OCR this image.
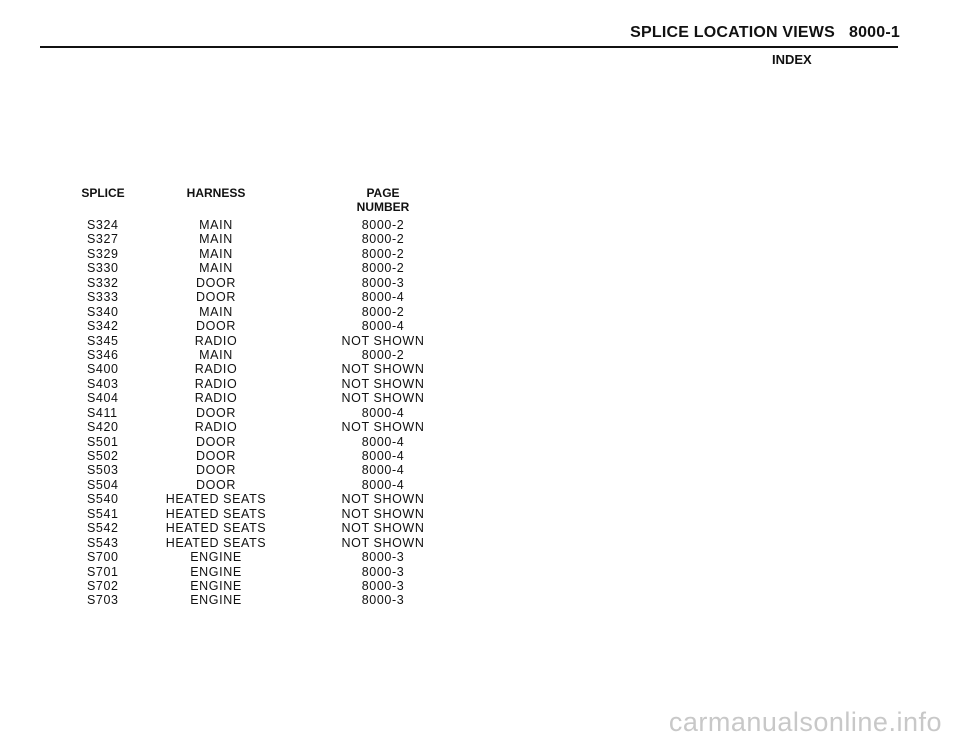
SPLICE LOCATION VIEWS 8000-1
INDEX
SPLICE	HARNESS	PAGE
NUMBER
S324	MAIN	8000-2
S327	MAIN	8000-2
S329	MAIN	8000-2
S330	MAIN	8000-2
S332	DOOR	8000-3
S333	DOOR	8000-4
S340	MAIN	8000-2
S342	DOOR	8000-4
S345	RADIO	NOT SHOWN
S346	MAIN	8000-2
S400	RADIO	NOT SHOWN
S403	RADIO	NOT SHOWN
S404	RADIO	NOT SHOWN
S411	DOOR	8000-4
S420	RADIO	NOT SHOWN
S501	DOOR	8000-4
S502	DOOR	8000-4
S503	DOOR	8000-4
S504	DOOR	8000-4
S540	HEATED SEATS	NOT SHOWN
S541	HEATED SEATS	NOT SHOWN
S542	HEATED SEATS	NOT SHOWN
S543	HEATED SEATS	NOT SHOWN
S700	ENGINE	8000-3
S701	ENGINE	8000-3
S702	ENGINE	8000-3
S703	ENGINE	8000-3
carmanualsonline.info
